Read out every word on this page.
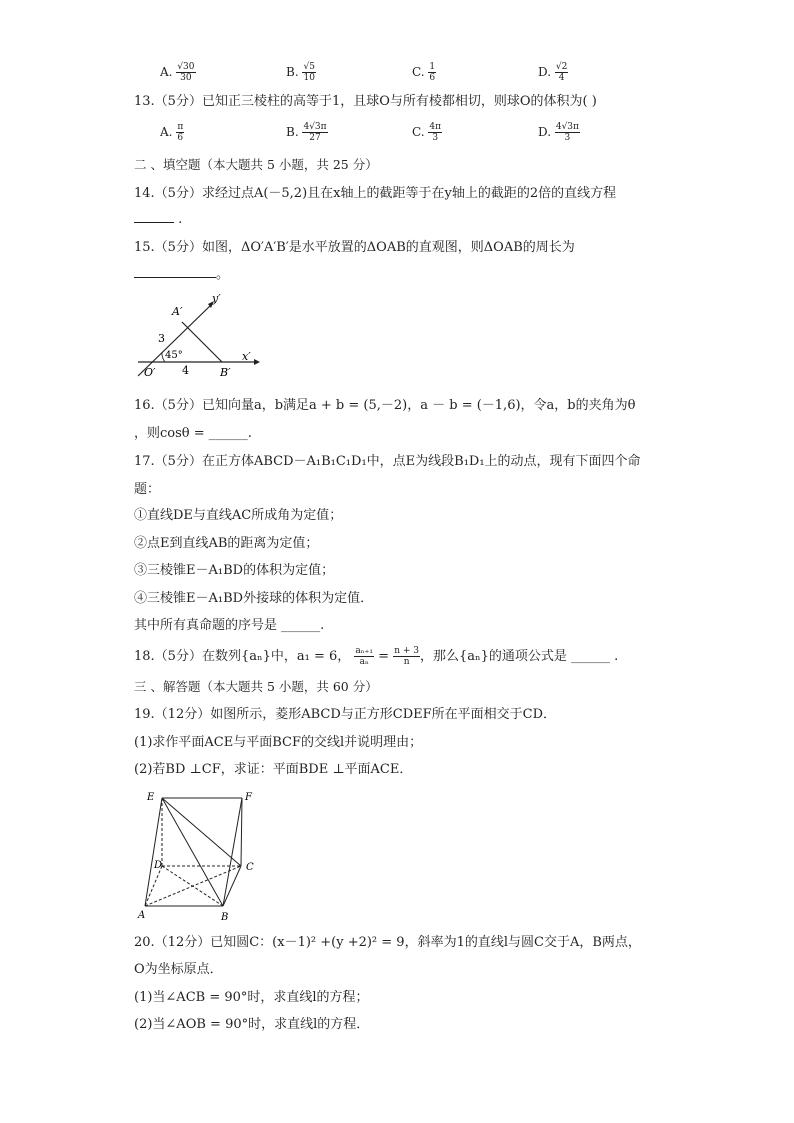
A. $\frac{√30}{30}$	B. $\frac{√5}{10}$	C. $\frac{1}{6}$	D. $\frac{√2}{4}$
13.（5分）已知正三棱柱的高等于1，且球O与所有棱都相切，则球O的体积为( )
A. $\frac{\pi}{6}$	B. $\frac{4√3\pi}{27}$	C. $\frac{4\pi}{3}$	D. $\frac{4√3\pi}{3}$
二 、填空题（本大题共 5 小题，共 25 分）
14.（5分）求经过点A(－5,2)且在x轴上的截距等于在y轴上的截距的2倍的直线方程
.
15.（5分）如图，ΔO′A′B′是水平放置的ΔOAB的直观图，则ΔOAB的周长为
。
A′
y′
x′
B′
O′
3
4
45°
16.（5分）已知向量a，b满足a + b = (5,－2)，a － b = (－1,6)，令a，b的夹角为θ
，则cosθ = ______.
17.（5分）在正方体ABCD－A₁B₁C₁D₁中，点E为线段B₁D₁上的动点，现有下面四个命
题：
①直线DE与直线AC所成角为定值；
②点E到直线AB的距离为定值；
③三棱锥E－A₁BD的体积为定值；
④三棱锥E－A₁BD外接球的体积为定值．
其中所有真命题的序号是 ______.
18.（5分）在数列{aₙ}中，a₁ = 6， $\frac{\text{aₙ₊₁}}{\text{aₙ}} = \frac{n + 3}{n}$ ，那么{aₙ}的通项公式是 ______ .
三 、解答题（本大题共 5 小题，共 60 分）
19.（12分）如图所示，菱形ABCD与正方形CDEF所在平面相交于CD．
(1)求作平面ACE与平面BCF的交线l并说明理由；
(2)若BD ⊥CF，求证：平面BDE ⊥平面ACE．
E	F
D	C
A	B
20.（12分）已知圆C：(x－1)² +(y +2)² = 9，斜率为1的直线l与圆C交于A，B两点，
O为坐标原点．
(1)当∠ACB = 90°时，求直线l的方程；
(2)当∠AOB = 90°时，求直线l的方程．
